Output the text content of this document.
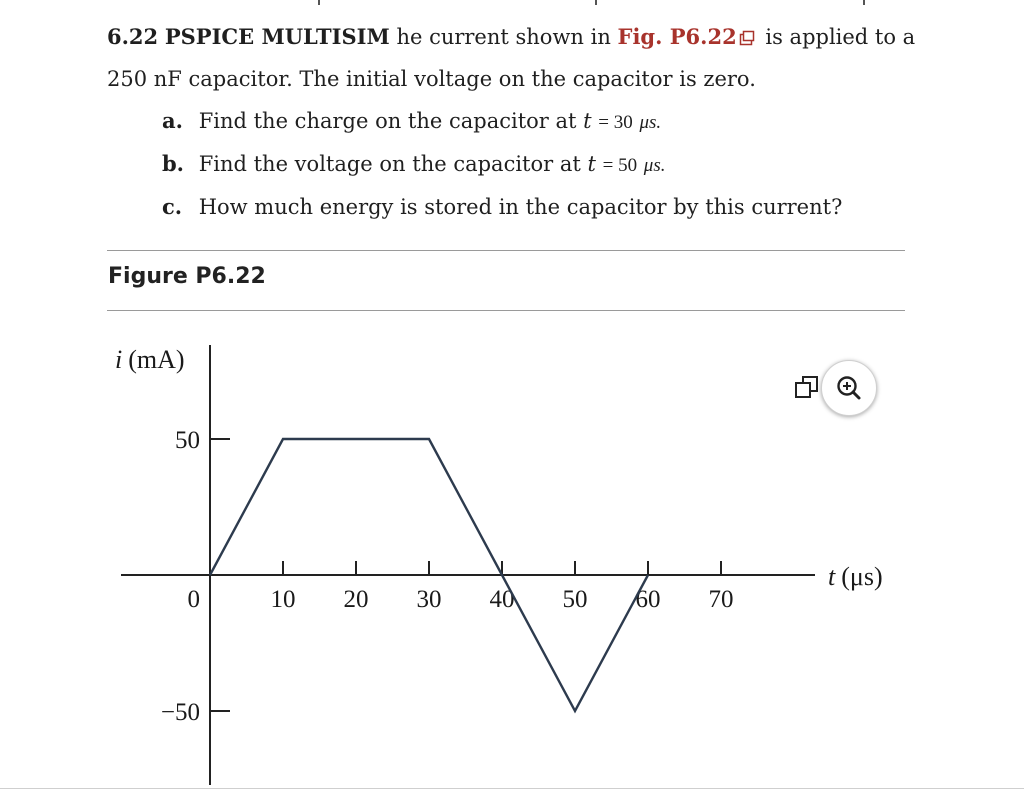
6.22 PSPICE MULTISIM he current shown in Fig. P6.22 is applied to a

250 nF capacitor. The initial voltage on the capacitor is zero.

a. Find the charge on the capacitor at t = 30 μs.
b. Find the voltage on the capacitor at t = 50 μs.
c. How much energy is stored in the capacitor by this current?
Figure P6.22
10 20 30 40 50 60 70
50
0
−50
i (mA)
t (μs)
